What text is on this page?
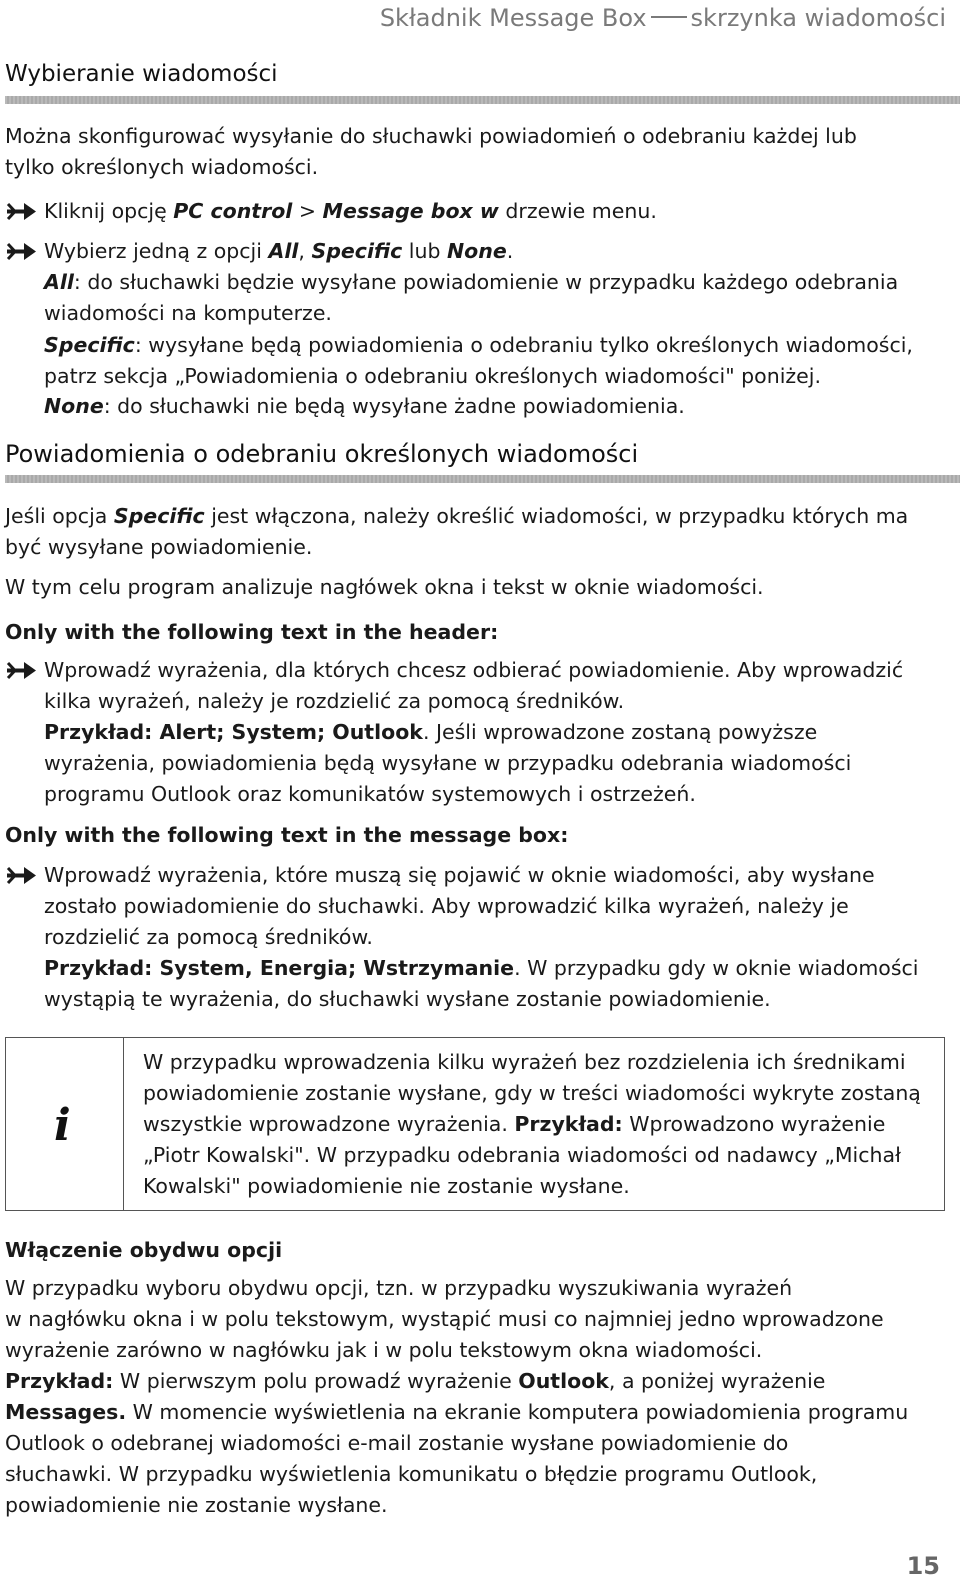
Składnik Message Box skrzynka wiadomości
Wybieranie wiadomości
Można skonfigurować wysyłanie do słuchawki powiadomień o odebraniu każdej lub
tylko określonych wiadomości.
Kliknij opcję PC control > Message box w drzewie menu.
Wybierz jedną z opcji All, Specific lub None.
All: do słuchawki będzie wysyłane powiadomienie w przypadku każdego odebrania
wiadomości na komputerze.
Specific: wysyłane będą powiadomienia o odebraniu tylko określonych wiadomości,
patrz sekcja „Powiadomienia o odebraniu określonych wiadomości" poniżej.
None: do słuchawki nie będą wysyłane żadne powiadomienia.
Powiadomienia o odebraniu określonych wiadomości
Jeśli opcja Specific jest włączona, należy określić wiadomości, w przypadku których ma
być wysyłane powiadomienie.
W tym celu program analizuje nagłówek okna i tekst w oknie wiadomości.
Only with the following text in the header:
Wprowadź wyrażenia, dla których chcesz odbierać powiadomienie. Aby wprowadzić
kilka wyrażeń, należy je rozdzielić za pomocą średników.
Przykład: Alert; System; Outlook. Jeśli wprowadzone zostaną powyższe
wyrażenia, powiadomienia będą wysyłane w przypadku odebrania wiadomości
programu Outlook oraz komunikatów systemowych i ostrzeżeń.
Only with the following text in the message box:
Wprowadź wyrażenia, które muszą się pojawić w oknie wiadomości, aby wysłane
zostało powiadomienie do słuchawki. Aby wprowadzić kilka wyrażeń, należy je
rozdzielić za pomocą średników.
Przykład: System, Energia; Wstrzymanie. W przypadku gdy w oknie wiadomości
wystąpią te wyrażenia, do słuchawki wysłane zostanie powiadomienie.
i
W przypadku wprowadzenia kilku wyrażeń bez rozdzielenia ich średnikami
powiadomienie zostanie wysłane, gdy w treści wiadomości wykryte zostaną
wszystkie wprowadzone wyrażenia. Przykład: Wprowadzono wyrażenie
„Piotr Kowalski". W przypadku odebrania wiadomości od nadawcy „Michał
Kowalski" powiadomienie nie zostanie wysłane.
Włączenie obydwu opcji
W przypadku wyboru obydwu opcji, tzn. w przypadku wyszukiwania wyrażeń
w nagłówku okna i w polu tekstowym, wystąpić musi co najmniej jedno wprowadzone
wyrażenie zarówno w nagłówku jak i w polu tekstowym okna wiadomości.
Przykład: W pierwszym polu prowadź wyrażenie Outlook, a poniżej wyrażenie
Messages. W momencie wyświetlenia na ekranie komputera powiadomienia programu
Outlook o odebranej wiadomości e-mail zostanie wysłane powiadomienie do
słuchawki. W przypadku wyświetlenia komunikatu o błędzie programu Outlook,
powiadomienie nie zostanie wysłane.
15
